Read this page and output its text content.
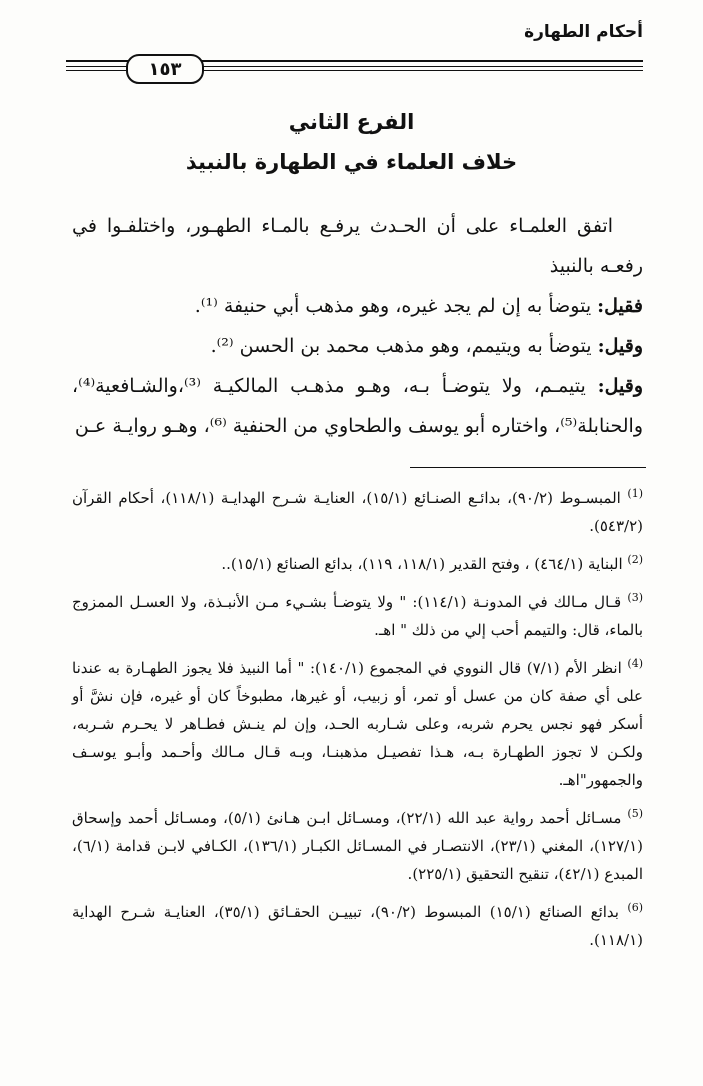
أحكام الطهارة
١٥٣
الفرع الثاني
خلاف العلماء في الطهارة بالنبيذ

اتفق العلمـاء على أن الحـدث يرفـع بالمـاء الطهـور، واختلفـوا في رفعـه بالنبيذ

فقيل: يتوضأ به إن لم يجد غيره، وهو مذهب أبي حنيفة ⁽¹⁾.

وقيل: يتوضأ به ويتيمم، وهو مذهب محمد بن الحسن ⁽²⁾.

وقيل: يتيمـم، ولا يتوضـأ بـه، وهـو مذهـب المالكيـة ⁽³⁾،والشـافعية⁽⁴⁾، والحنابلة⁽⁵⁾، واختاره أبو يوسف والطحاوي من الحنفية ⁽⁶⁾، وهـو روايـة عـن

$^{(1)}$ المبسـوط (٩٠/٢)، بدائـع الصنـائع (١٥/١)، العنايـة شـرح الهدايـة (١١٨/١)، أحكام القرآن (٥٤٣/٢).

$^{(2)}$ البناية (٤٦٤/١) ، وفتح القدير (١١٨/١، ١١٩)، بدائع الصنائع (١٥/١)..

$^{(3)}$ قـال مـالك في المدونـة (١١٤/١): " ولا يتوضـأ بشـيء مـن الأنبـذة، ولا العسـل الممزوج بالماء، قال: والتيمم أحب إلي من ذلك " اهـ.

$^{(4)}$ انظر الأم (٧/١) قال النووي في المجموع (١٤٠/١): " أما النبيذ فلا يجوز الطهـارة به عندنا على أي صفة كان من عسل أو تمر، أو زبيب، أو غيرها، مطبوخاً كان أو غيره، فإن نشَّ أو أسكر فهو نجس يحرم شربه، وعلى شـاربه الحـد، وإن لم ينـش فطـاهر لا يحـرم شـربه، ولكـن لا تجوز الطهـارة بـه، هـذا تفصيـل مذهبنـا، وبـه قـال مـالك وأحـمد وأبـو يوسـف والجمهور"اهـ.

$^{(5)}$ مسـائل أحمد رواية عبد الله (٢٢/١)، ومسـائل ابـن هـانئ (٥/١)، ومسـائل أحمد وإسحاق (١٢٧/١)، المغني (٢٣/١)، الانتصـار في المسـائل الكبـار (١٣٦/١)، الكـافي لابـن قدامة (٦/١)، المبدع (٤٢/١)، تنقيح التحقيق (٢٢٥/١).

$^{(6)}$ بدائع الصنائع (١٥/١) المبسوط (٩٠/٢)، تبييـن الحقـائق (٣٥/١)، العنايـة شـرح الهداية (١١٨/١).
